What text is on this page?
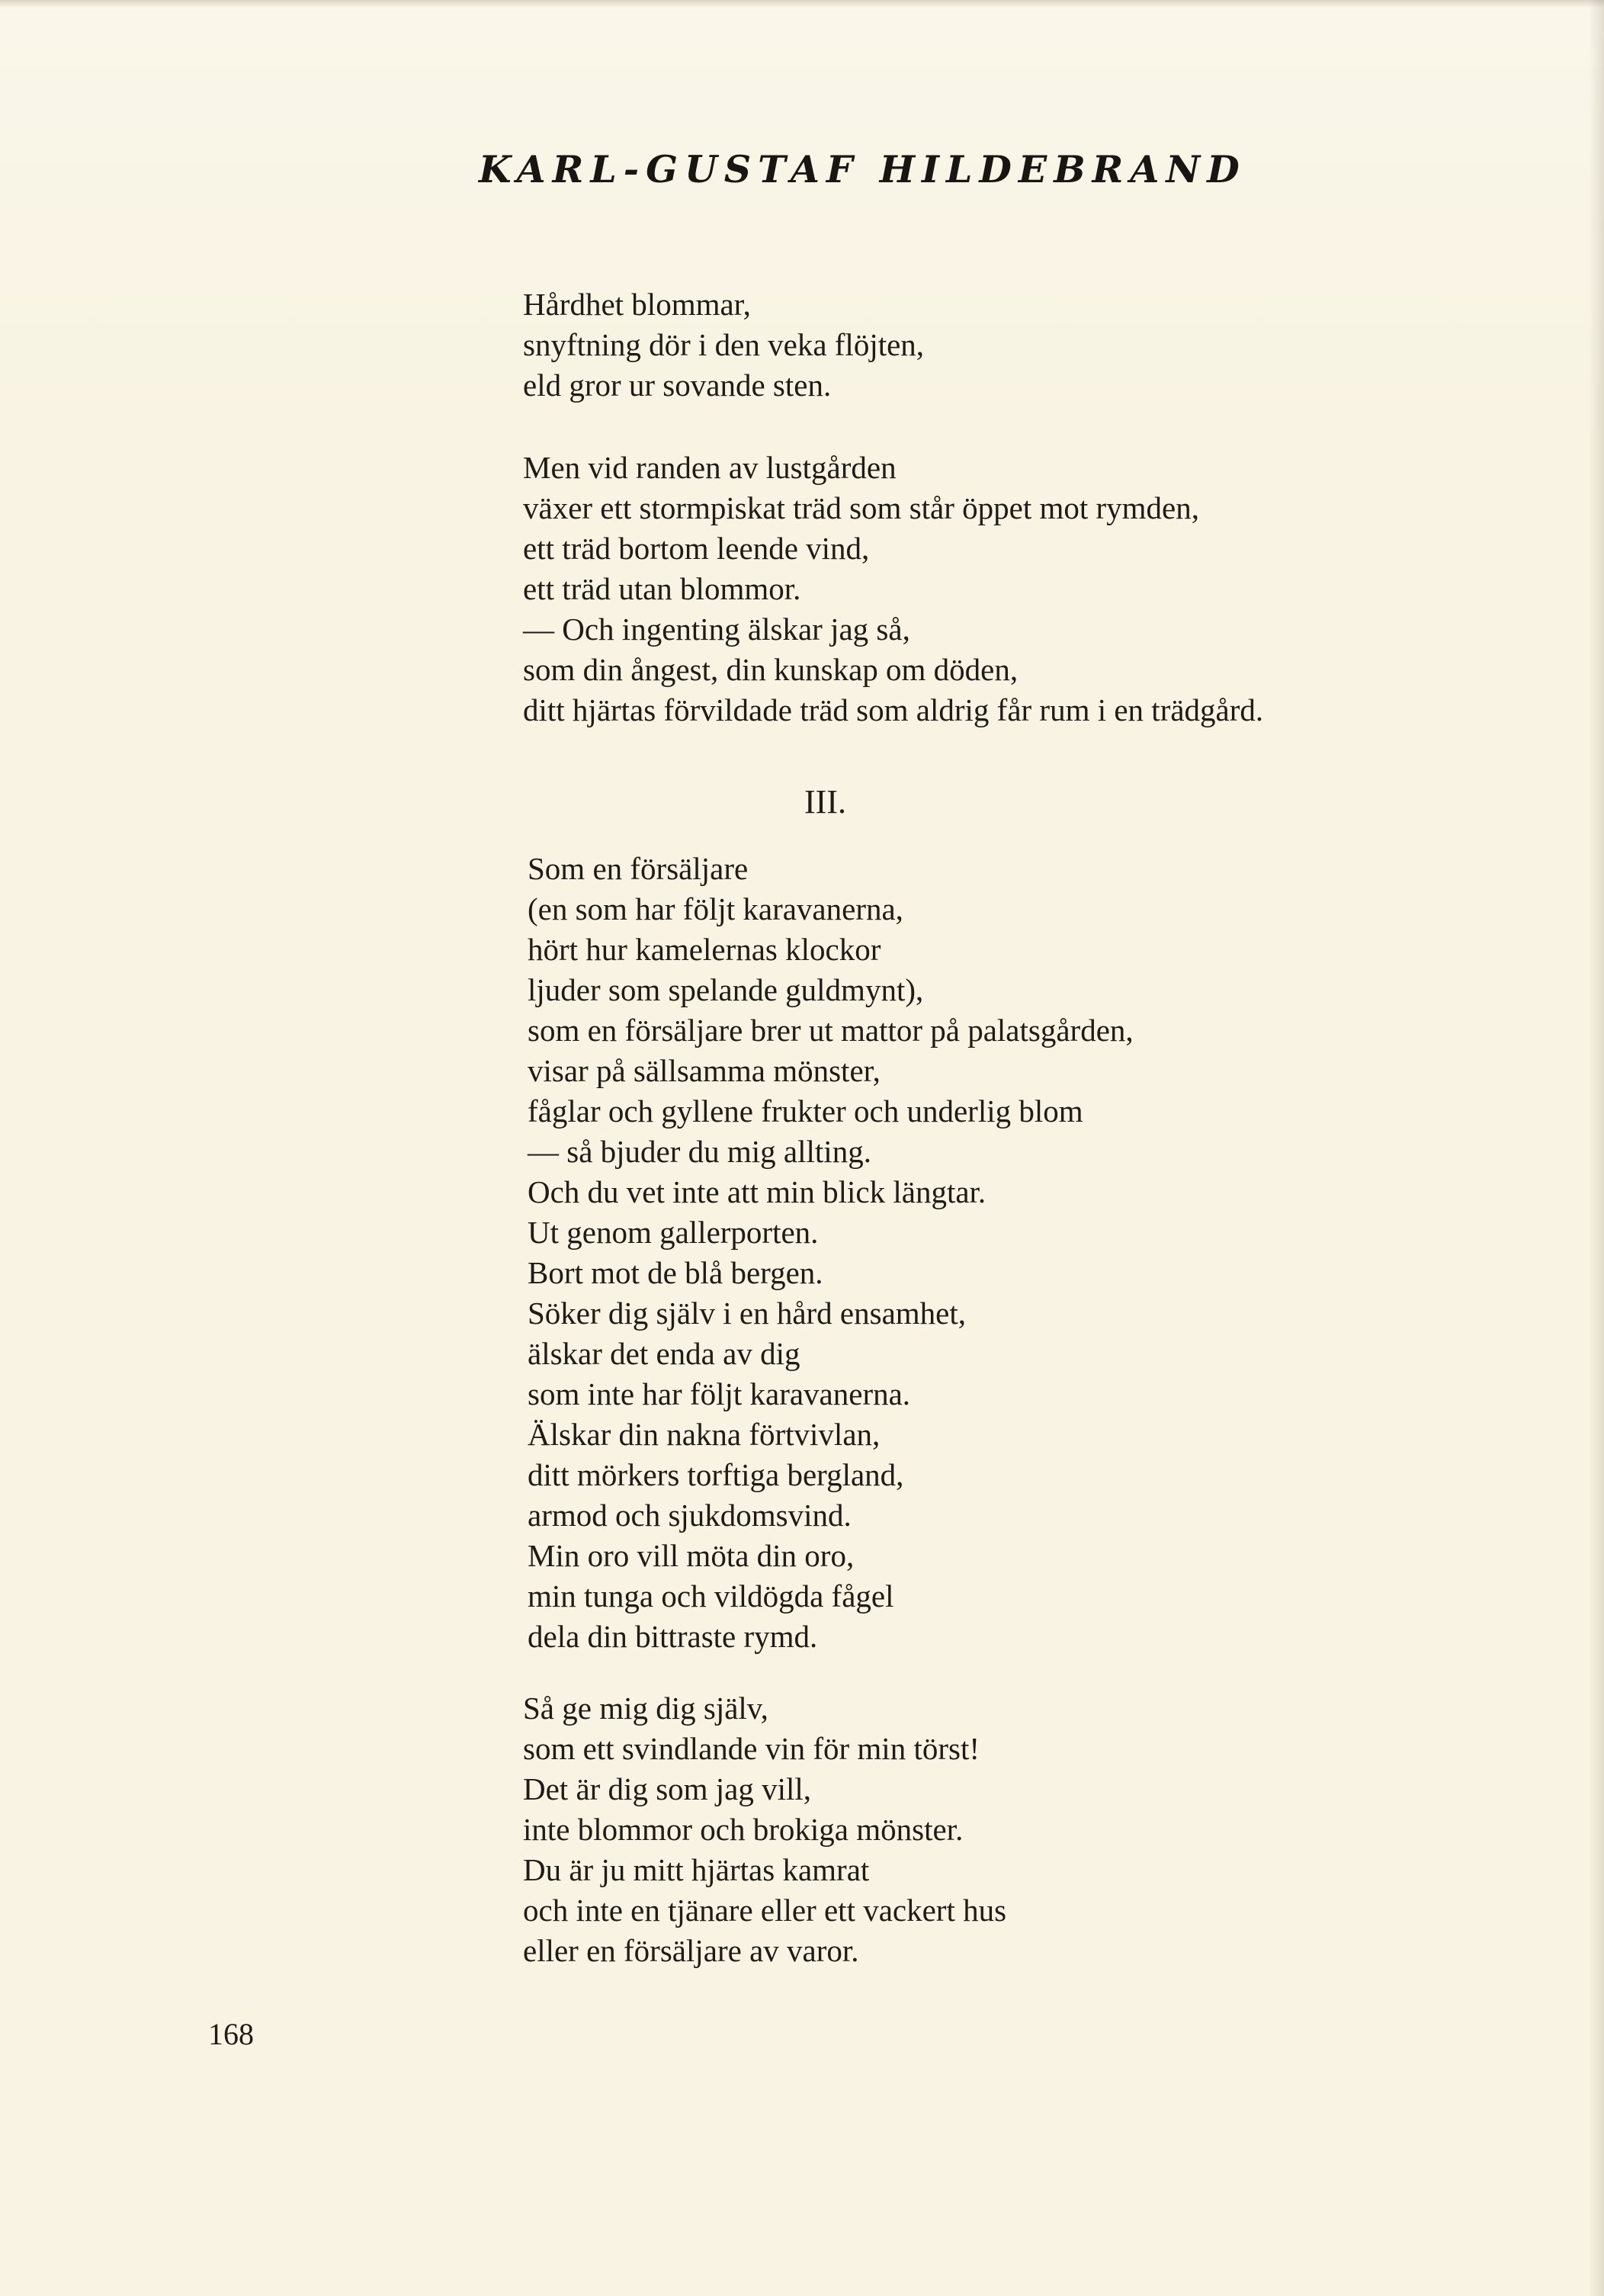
KARL-GUSTAF HILDEBRAND
Hårdhet blommar,
snyftning dör i den veka flöjten,
eld gror ur sovande sten.
Men vid randen av lustgården
växer ett stormpiskat träd som står öppet mot rymden,
ett träd bortom leende vind,
ett träd utan blommor.
— Och ingenting älskar jag så,
som din ångest, din kunskap om döden,
ditt hjärtas förvildade träd som aldrig får rum i en trädgård.
III.
Som en försäljare
(en som har följt karavanerna,
hört hur kamelernas klockor
ljuder som spelande guldmynt),
som en försäljare brer ut mattor på palatsgården,
visar på sällsamma mönster,
fåglar och gyllene frukter och underlig blom
— så bjuder du mig allting.
Och du vet inte att min blick längtar.
Ut genom gallerporten.
Bort mot de blå bergen.
Söker dig själv i en hård ensamhet,
älskar det enda av dig
som inte har följt karavanerna.
Älskar din nakna förtvivlan,
ditt mörkers torftiga bergland,
armod och sjukdomsvind.
Min oro vill möta din oro,
min tunga och vildögda fågel
dela din bittraste rymd.
Så ge mig dig själv,
som ett svindlande vin för min törst!
Det är dig som jag vill,
inte blommor och brokiga mönster.
Du är ju mitt hjärtas kamrat
och inte en tjänare eller ett vackert hus
eller en försäljare av varor.
168
